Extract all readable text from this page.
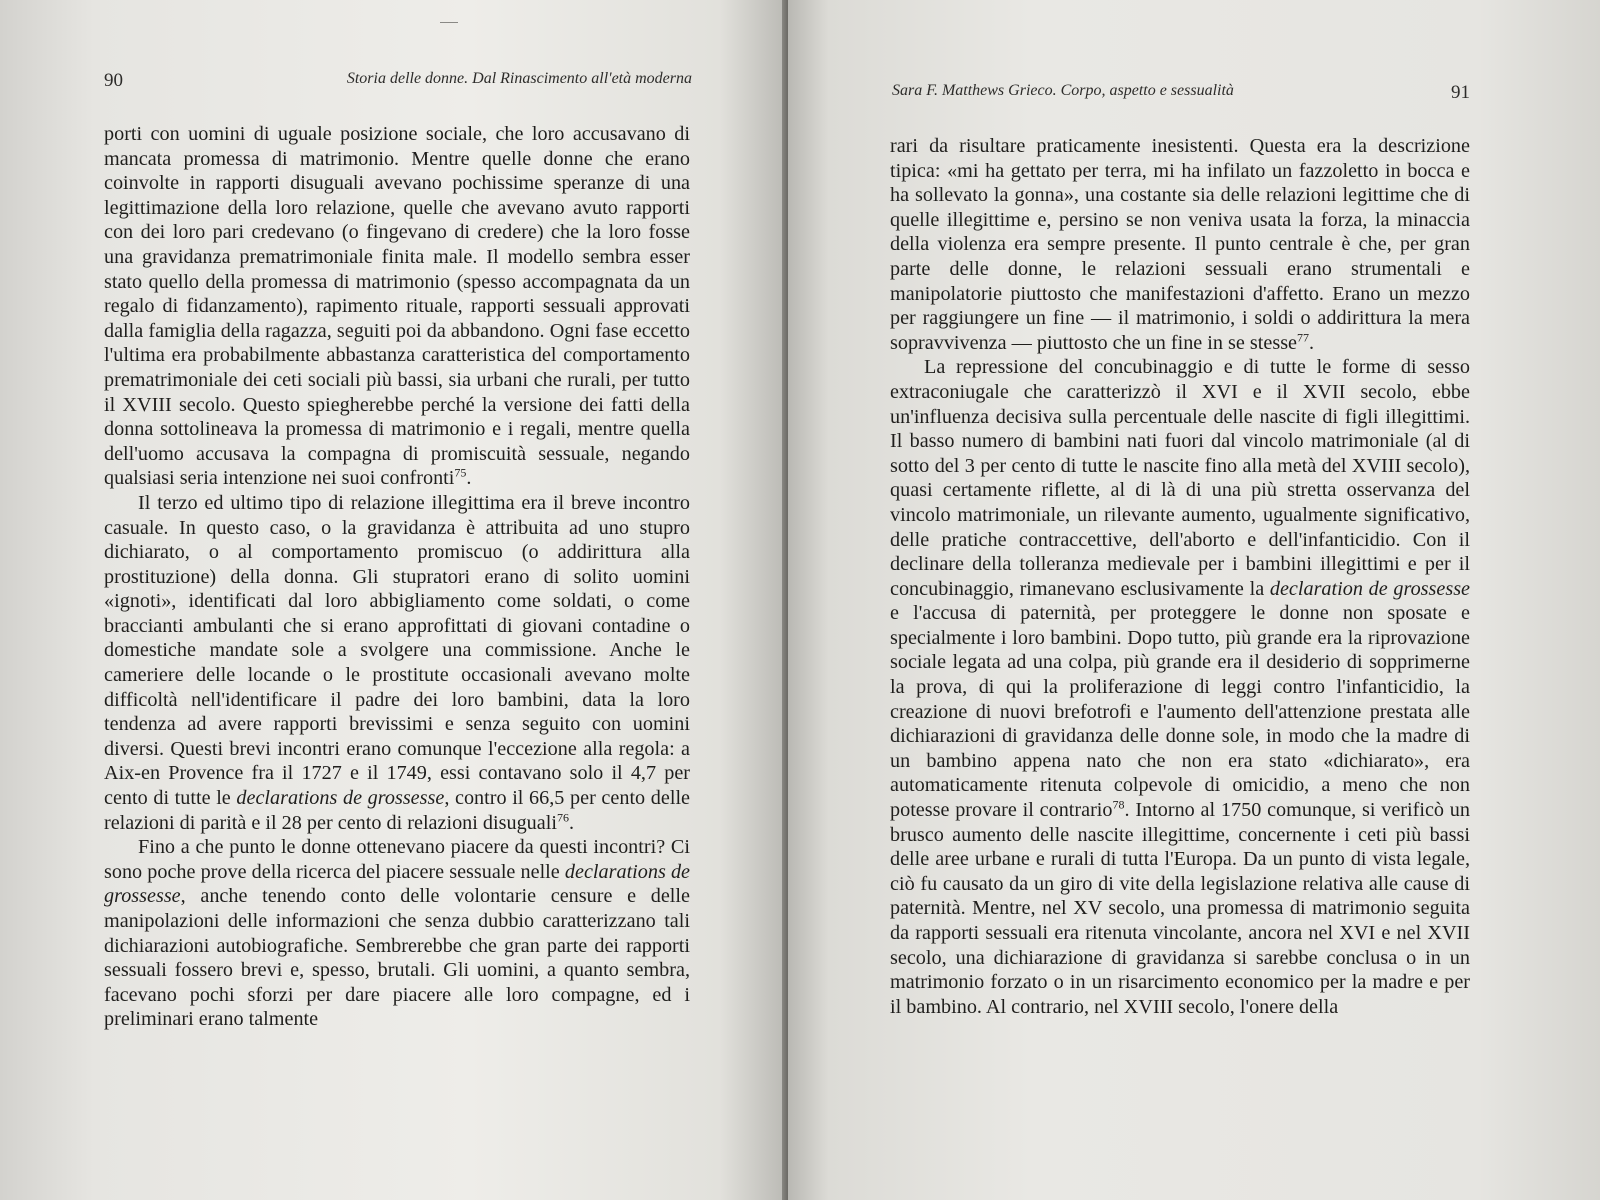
90	Storia delle donne. Dal Rinascimento all'età moderna

porti con uomini di uguale posizione sociale, che loro accusavano di mancata promessa di matrimonio. Mentre quelle donne che erano coinvolte in rapporti disuguali avevano pochissime speranze di una legittimazione della loro relazione, quelle che avevano avuto rapporti con dei loro pari credevano (o fingevano di credere) che la loro fosse una gravidanza prematrimoniale finita male. Il modello sembra esser stato quello della promessa di matrimonio (spesso accompagnata da un regalo di fidanzamento), rapimento rituale, rapporti sessuali approvati dalla famiglia della ragazza, seguiti poi da abbandono. Ogni fase eccetto l'ultima era probabilmente abbastanza caratteristica del comportamento prematrimoniale dei ceti sociali più bassi, sia urbani che rurali, per tutto il XVIII secolo. Questo spiegherebbe perché la versione dei fatti della donna sottolineava la promessa di matrimonio e i regali, mentre quella dell'uomo accusava la compagna di promiscuità sessuale, negando qualsiasi seria intenzione nei suoi confronti$^{75}$.

Il terzo ed ultimo tipo di relazione illegittima era il breve incontro casuale. In questo caso, o la gravidanza è attribuita ad uno stupro dichiarato, o al comportamento promiscuo (o addirittura alla prostituzione) della donna. Gli stupratori erano di solito uomini «ignoti», identificati dal loro abbigliamento come soldati, o come braccianti ambulanti che si erano approfittati di giovani contadine o domestiche mandate sole a svolgere una commissione. Anche le cameriere delle locande o le prostitute occasionali avevano molte difficoltà nell'identificare il padre dei loro bambini, data la loro tendenza ad avere rapporti brevissimi e senza seguito con uomini diversi. Questi brevi incontri erano comunque l'eccezione alla regola: a Aix-en Provence fra il 1727 e il 1749, essi contavano solo il 4,7 per cento di tutte le declarations de grossesse, contro il 66,5 per cento delle relazioni di parità e il 28 per cento di relazioni disuguali$^{76}$.

Fino a che punto le donne ottenevano piacere da questi incontri? Ci sono poche prove della ricerca del piacere sessuale nelle declarations de grossesse, anche tenendo conto delle volontarie censure e delle manipolazioni delle informazioni che senza dubbio caratterizzano tali dichiarazioni autobiografiche. Sembrerebbe che gran parte dei rapporti sessuali fossero brevi e, spesso, brutali. Gli uomini, a quanto sembra, facevano pochi sforzi per dare piacere alle loro compagne, ed i preliminari erano talmente

Sara F. Matthews Grieco. Corpo, aspetto e sessualità	91

rari da risultare praticamente inesistenti. Questa era la descrizione tipica: «mi ha gettato per terra, mi ha infilato un fazzoletto in bocca e ha sollevato la gonna», una costante sia delle relazioni legittime che di quelle illegittime e, persino se non veniva usata la forza, la minaccia della violenza era sempre presente. Il punto centrale è che, per gran parte delle donne, le relazioni sessuali erano strumentali e manipolatorie piuttosto che manifestazioni d'affetto. Erano un mezzo per raggiungere un fine — il matrimonio, i soldi o addirittura la mera sopravvivenza — piuttosto che un fine in se stesse$^{77}$.

La repressione del concubinaggio e di tutte le forme di sesso extraconiugale che caratterizzò il XVI e il XVII secolo, ebbe un'influenza decisiva sulla percentuale delle nascite di figli illegittimi. Il basso numero di bambini nati fuori dal vincolo matrimoniale (al di sotto del 3 per cento di tutte le nascite fino alla metà del XVIII secolo), quasi certamente riflette, al di là di una più stretta osservanza del vincolo matrimoniale, un rilevante aumento, ugualmente significativo, delle pratiche contraccettive, dell'aborto e dell'infanticidio. Con il declinare della tolleranza medievale per i bambini illegittimi e per il concubinaggio, rimanevano esclusivamente la declaration de grossesse e l'accusa di paternità, per proteggere le donne non sposate e specialmente i loro bambini. Dopo tutto, più grande era la riprovazione sociale legata ad una colpa, più grande era il desiderio di sopprimerne la prova, di qui la proliferazione di leggi contro l'infanticidio, la creazione di nuovi brefotrofi e l'aumento dell'attenzione prestata alle dichiarazioni di gravidanza delle donne sole, in modo che la madre di un bambino appena nato che non era stato «dichiarato», era automaticamente ritenuta colpevole di omicidio, a meno che non potesse provare il contrario$^{78}$. Intorno al 1750 comunque, si verificò un brusco aumento delle nascite illegittime, concernente i ceti più bassi delle aree urbane e rurali di tutta l'Europa. Da un punto di vista legale, ciò fu causato da un giro di vite della legislazione relativa alle cause di paternità. Mentre, nel XV secolo, una promessa di matrimonio seguita da rapporti sessuali era ritenuta vincolante, ancora nel XVI e nel XVII secolo, una dichiarazione di gravidanza si sarebbe conclusa o in un matrimonio forzato o in un risarcimento economico per la madre e per il bambino. Al contrario, nel XVIII secolo, l'onere della
